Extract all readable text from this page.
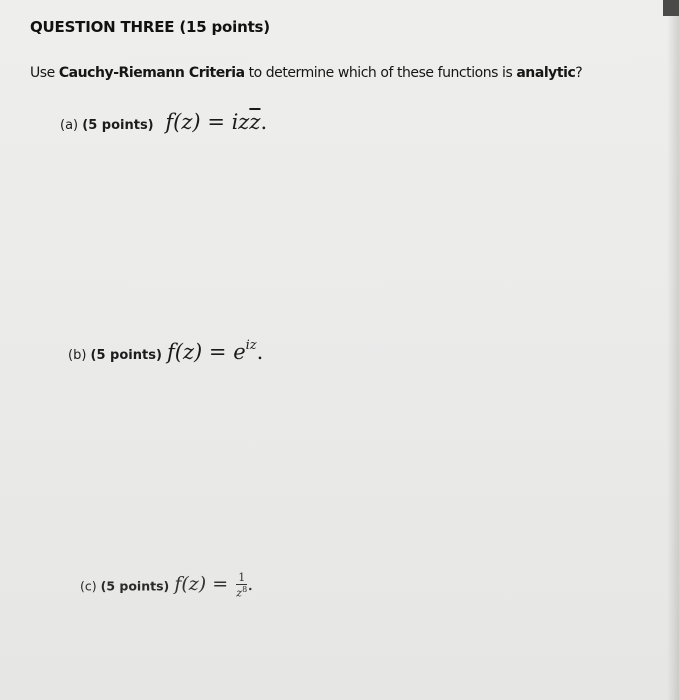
QUESTION THREE (15 points)
Use Cauchy-Riemann Criteria to determine which of these functions is analytic?
(a) (5 points) $f(z) = iz\overline{z}$.
(b) (5 points) $f(z) = e^{iz}$.
(c) (5 points) $f(z) = \frac{1}{z^8}$ .
